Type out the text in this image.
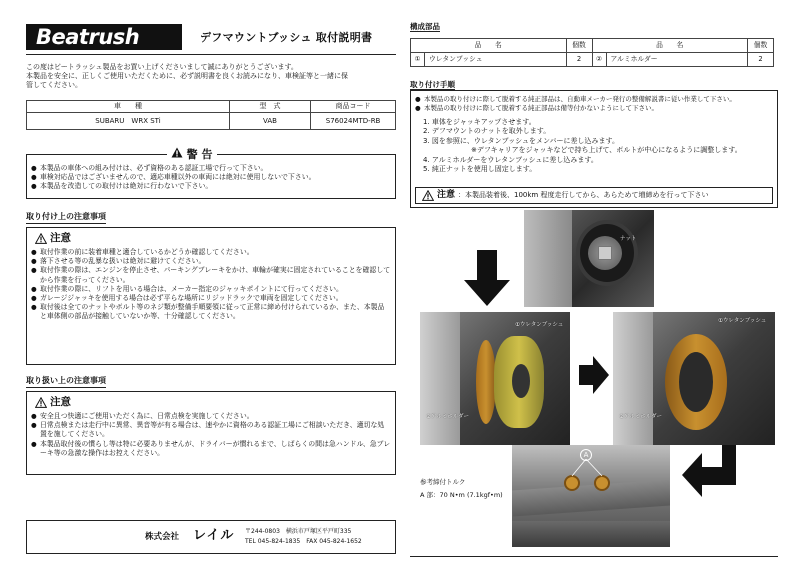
Beatrush	デフマウントブッシュ 取付説明書
この度はビートラッシュ製品をお買い上げくださいまして誠にありがとうございます。
本製品を安全に、正しくご使用いただくために、必ず説明書を良くお読みになり、車検証等と一緒に保
管してください。
車　　種	型　式	商品コード
SUBARU　WRX STi	VAB	S76024MTD-RB
警 告
● 本製品の車体への組み付けは、必ず資格のある認証工場で行って下さい。
● 車検対応品ではございませんので、適応車種以外の車両には絶対に使用しないで下さい。
● 本製品を改造しての取付けは絶対に行わないで下さい。
取り付け上の注意事項
注意
● 取付作業の前に装着車種と適合しているかどうか確認してください。
● 落下させる等の乱暴な扱いは絶対に避けてください。
● 取付作業の際は、エンジンを停止させ、パーキングブレーキをかけ、車輪が確実に固定されていることを確認してから作業を行ってください。
● 取付作業の際に、リフトを用いる場合は、メーカー指定のジャッキポイントにて行ってください。
● ガレージジャッキを使用する場合は必ず平らな場所にリジッドラックで車両を固定してください。
● 取付後は全てのナットやボルト等のネジ類が整備手順要領に従って正常に締め付けられているか、また、本製品と車体側の部品が接触していないか等、十分確認してください。
取り扱い上の注意事項
注意
● 安全且つ快適にご使用いただく為に、日常点検を実施してください。
● 日常点検または走行中に異常、異音等が有る場合は、速やかに資格のある認証工場にご相談いただき、適切な処置を施してください。
● 本製品取付後の慣らし等は特に必要ありませんが、ドライバーが慣れるまで、しばらくの間は急ハンドル、急ブレーキ等の急激な操作はお控えください。
株式会社 レイル 〒244-0803　横浜市戸塚区平戸町335
TEL 045-824-1835　FAX 045-824-1652
構成部品
品　　名		個数	品　　名		個数
①	ウレタンブッシュ	2	②	アルミホルダー	2
取り付け手順
● 本製品の取り付けに際して脱着する純正部品は、自動車メーカー発行の整備解説書に従い作業して下さい。
● 本製品の取り付けに際して脱着する純正部品は備等付かないようにして下さい。
1. 車体をジャッキアップさせます。
2. デフマウントのナットを取外します。
3. 図を参照に、ウレタンブッシュをメンバーに差し込みます。
※デフキャリアをジャッキなどで持ち上げて、ボルトが中心になるように調整します。
4. アルミホルダーをウレタンブッシュに差し込みます。
5. 純正ナットを使用し固定します。
注意 ：本製品装着後、100km 程度走行してから、あらためて増締めを行って下さい
ナット
①ウレタンブッシュ
②アルミホルダー
①ウレタンブッシュ
②アルミホルダー
参考締付トルク
A 部：70 N•m (7.1kgf•m)
A
